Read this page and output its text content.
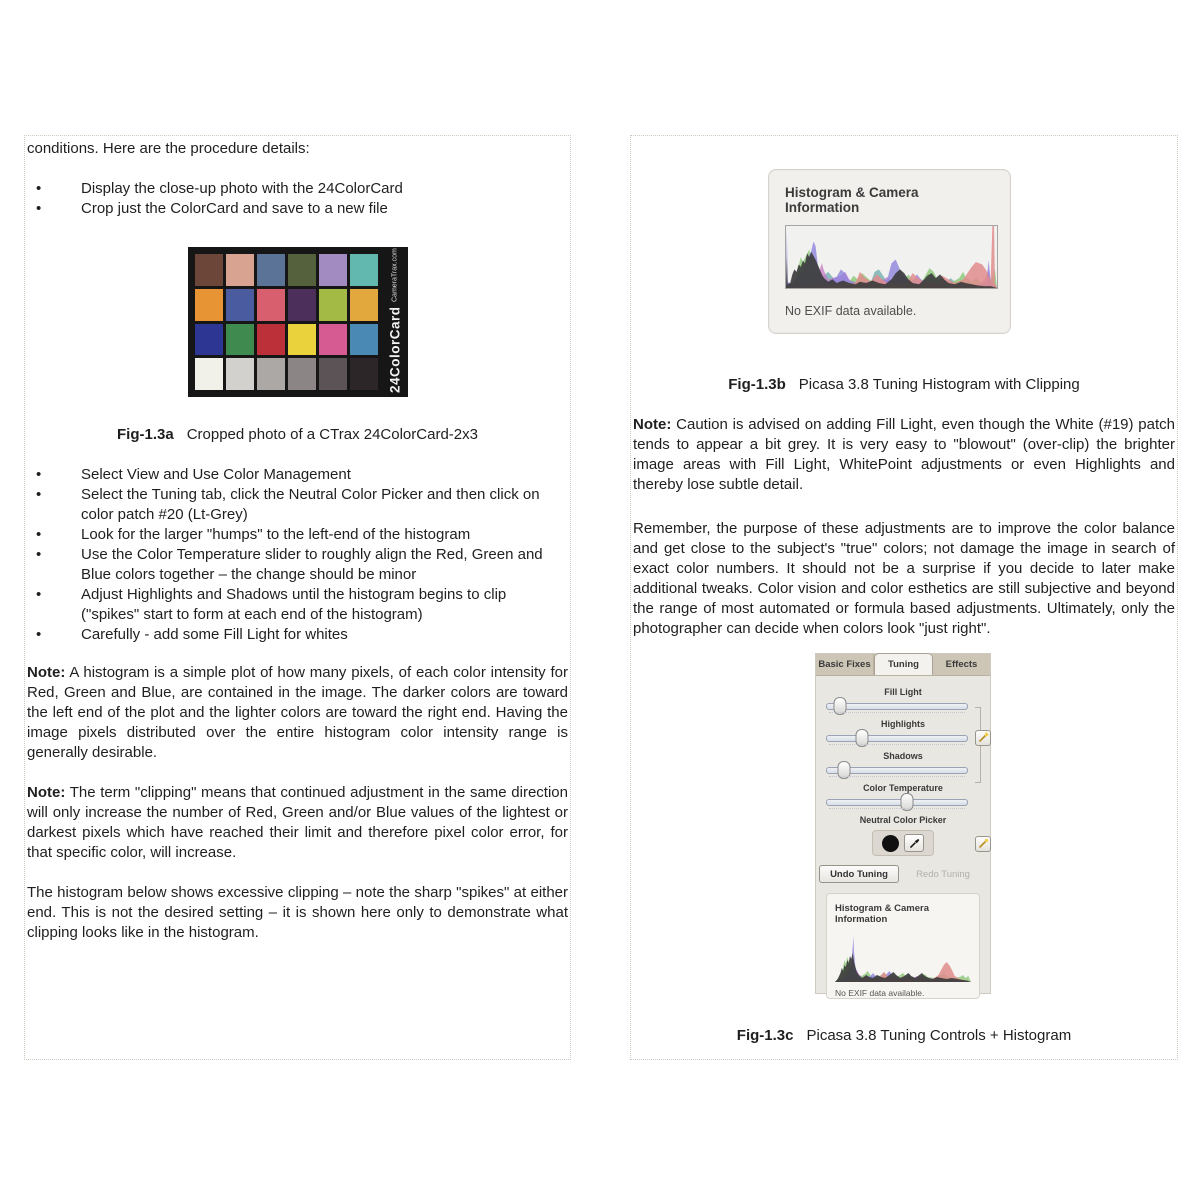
conditions. Here are the procedure details:

•	Display the close-up photo with the 24ColorCard
•	Crop just the ColorCard and save to a new file
24ColorCard
CameraTrax.com
Fig-1.3a Cropped photo of a CTrax 24ColorCard-2x3
•	Select View and Use Color Management
•	Select the Tuning tab, click the Neutral Color Picker and then click on color patch #20 (Lt-Grey)
•	Look for the larger "humps" to the left-end of the histogram
•	Use the Color Temperature slider to roughly align the Red, Green and Blue colors together – the change should be minor
•	Adjust Highlights and Shadows until the histogram begins to clip ("spikes" start to form at each end of the histogram)
•	Carefully - add some Fill Light for whites

Note: A histogram is a simple plot of how many pixels, of each color intensity for Red, Green and Blue, are contained in the image. The darker colors are toward the left end of the plot and the lighter colors are toward the right end. Having the image pixels distributed over the entire histogram color intensity range is generally desirable.

Note: The term "clipping" means that continued adjustment in the same direction will only increase the number of Red, Green and/or Blue values of the lightest or darkest pixels which have reached their limit and therefore pixel color error, for that specific color, will increase.

The histogram below shows excessive clipping – note the sharp "spikes" at either end. This is not the desired setting – it is shown here only to demonstrate what clipping looks like in the histogram.

Histogram & Camera Information
No EXIF data available.
Fig-1.3b Picasa 3.8 Tuning Histogram with Clipping

Note: Caution is advised on adding Fill Light, even though the White (#19) patch tends to appear a bit grey. It is very easy to "blowout" (over-clip) the brighter image areas with Fill Light, WhitePoint adjustments or even Highlights and thereby lose subtle detail.

Remember, the purpose of these adjustments are to improve the color balance and get close to the subject's "true" colors; not damage the image in search of exact color numbers. It should not be a surprise if you decide to later make additional tweaks. Color vision and color esthetics are still subjective and beyond the range of most automated or formula based adjustments. Ultimately, only the photographer can decide when colors look "just right".

Basic Fixes	Tuning	Effects
Fill Light
Highlights
Shadows
Color Temperature
Neutral Color Picker
Undo Tuning	Redo Tuning
Histogram & Camera Information
No EXIF data available.
Fig-1.3c Picasa 3.8 Tuning Controls + Histogram
